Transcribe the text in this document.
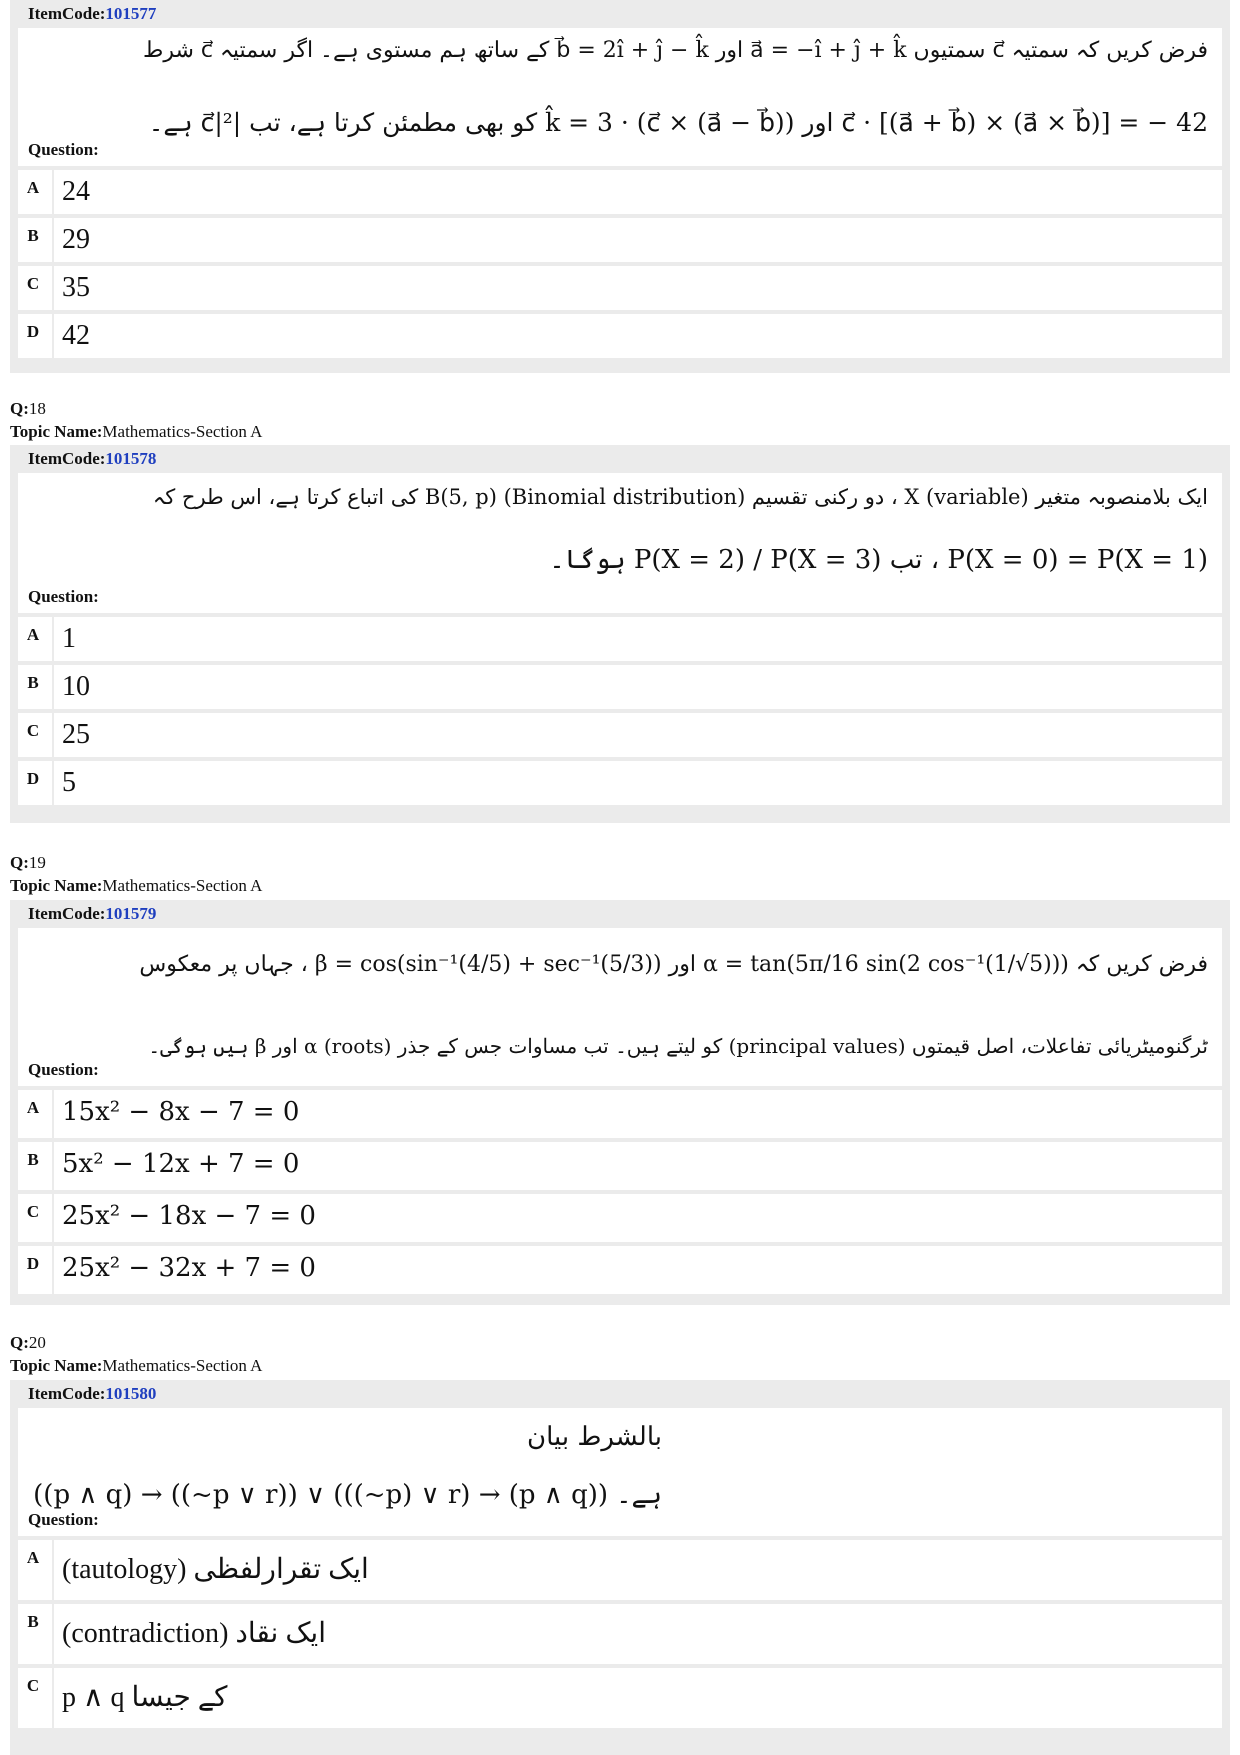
ItemCode:101577
فرض کریں کہ سمتیہ c⃗ سمتیوں a⃗ = −î + ĵ + k̂ اور b⃗ = 2î + ĵ − k̂ کے ساتھ ہم مستوی ہے۔ اگر سمتیہ c⃗ شرط
c⃗ · [(a⃗ + b⃗) × (a⃗ × b⃗)] = − 42 اور (c⃗ × (a⃗ − b⃗)) · k̂ = 3 کو بھی مطمئن کرتا ہے، تب |c⃗|² ہے۔
Question:
A 24
B 29
C 35
D 42
Q:18
Topic Name:Mathematics-Section A
ItemCode:101578
ایک بلامنصوبہ متغیر (variable) X ، دو رکنی تقسیم (Binomial distribution) B(5, p) کی اتباع کرتا ہے، اس طرح کہ
P(X = 0) = P(X = 1) ، تب P(X = 2) / P(X = 3) ہوگا۔
Question:
A 1
B 10
C 25
D 5
Q:19
Topic Name:Mathematics-Section A
ItemCode:101579
فرض کریں کہ α = tan(5π/16 sin(2 cos⁻¹(1/√5))) اور β = cos(sin⁻¹(4/5) + sec⁻¹(5/3)) ، جہاں پر معکوس
ٹرگنومیٹریائی تفاعلات، اصل قیمتوں (principal values) کو لیتے ہیں۔ تب مساوات جس کے جذر (roots) α اور β ہیں ہوگی۔
Question:
A 15x² − 8x − 7 = 0
B 5x² − 12x + 7 = 0
C 25x² − 18x − 7 = 0
D 25x² − 32x + 7 = 0
Q:20
Topic Name:Mathematics-Section A
ItemCode:101580
بالشرط بیان
((p ∧ q) → ((~p ∨ r)) ∨ (((~p) ∨ r) → (p ∧ q)) ہے۔
Question:
A ایک تقرارلفظی (tautology)
B ایک نقاد (contradiction)
C p ∧ q کے جیسا
